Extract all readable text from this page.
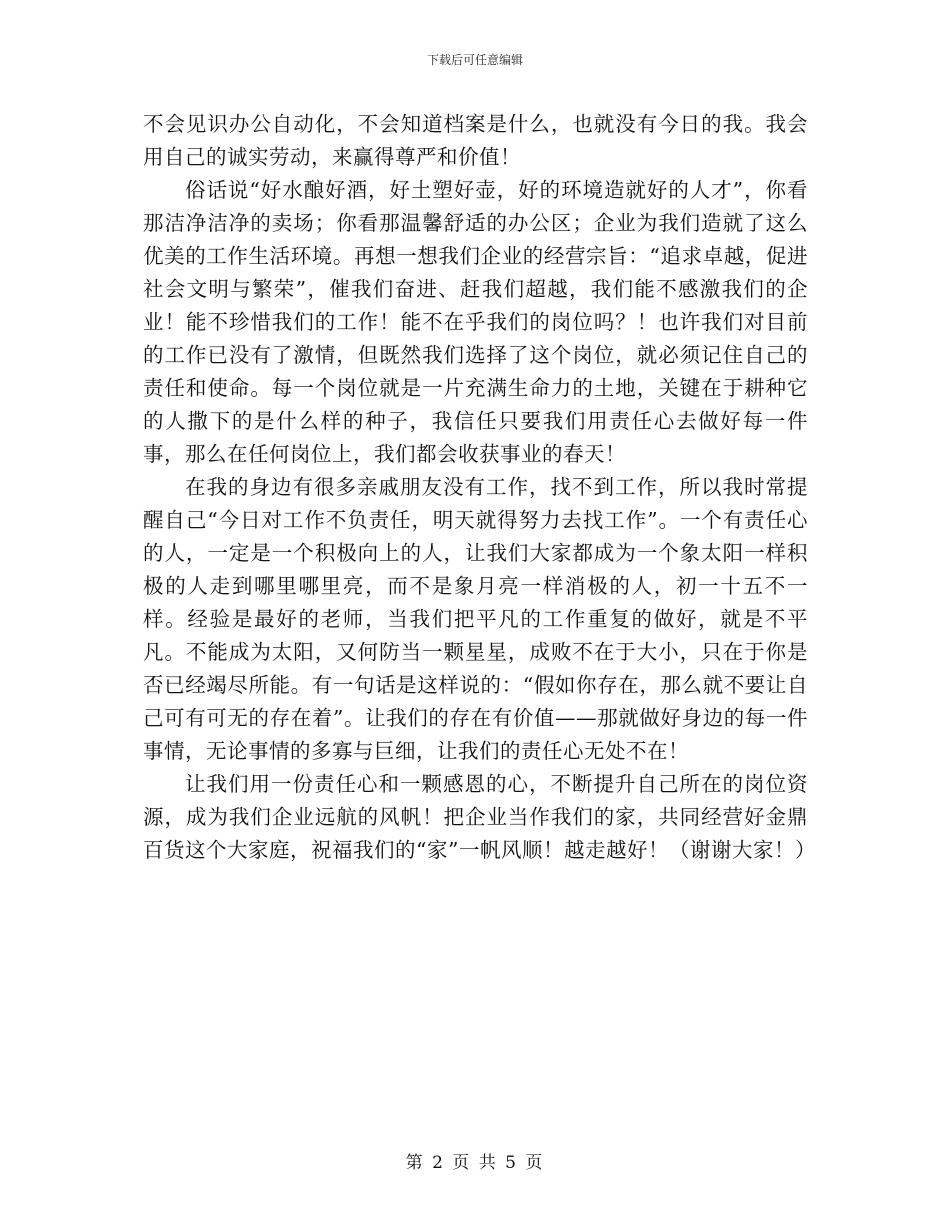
下载后可任意编辑

不会见识办公自动化，不会知道档案是什么，也就没有今日的我。我会用自己的诚实劳动，来赢得尊严和价值！

俗话说“好水酿好酒，好土塑好壶，好的环境造就好的人才”，你看那洁净洁净的卖场；你看那温馨舒适的办公区；企业为我们造就了这么优美的工作生活环境。再想一想我们企业的经营宗旨：“追求卓越，促进社会文明与繁荣”，催我们奋进、赶我们超越，我们能不感激我们的企业！能不珍惜我们的工作！能不在乎我们的岗位吗？！也许我们对目前的工作已没有了激情，但既然我们选择了这个岗位，就必须记住自己的责任和使命。每一个岗位就是一片充满生命力的土地，关键在于耕种它的人撒下的是什么样的种子，我信任只要我们用责任心去做好每一件事，那么在任何岗位上，我们都会收获事业的春天！

在我的身边有很多亲戚朋友没有工作，找不到工作，所以我时常提醒自己“今日对工作不负责任，明天就得努力去找工作”。一个有责任心的人，一定是一个积极向上的人，让我们大家都成为一个象太阳一样积极的人走到哪里哪里亮，而不是象月亮一样消极的人，初一十五不一样。经验是最好的老师，当我们把平凡的工作重复的做好，就是不平凡。不能成为太阳，又何防当一颗星星，成败不在于大小，只在于你是否已经竭尽所能。有一句话是这样说的：“假如你存在，那么就不要让自己可有可无的存在着”。让我们的存在有价值——那就做好身边的每一件事情，无论事情的多寡与巨细，让我们的责任心无处不在！

让我们用一份责任心和一颗感恩的心，不断提升自己所在的岗位资源，成为我们企业远航的风帆！把企业当作我们的家，共同经营好金鼎百货这个大家庭，祝福我们的“家”一帆风顺！越走越好！（谢谢大家！）

第 2 页 共 5 页
